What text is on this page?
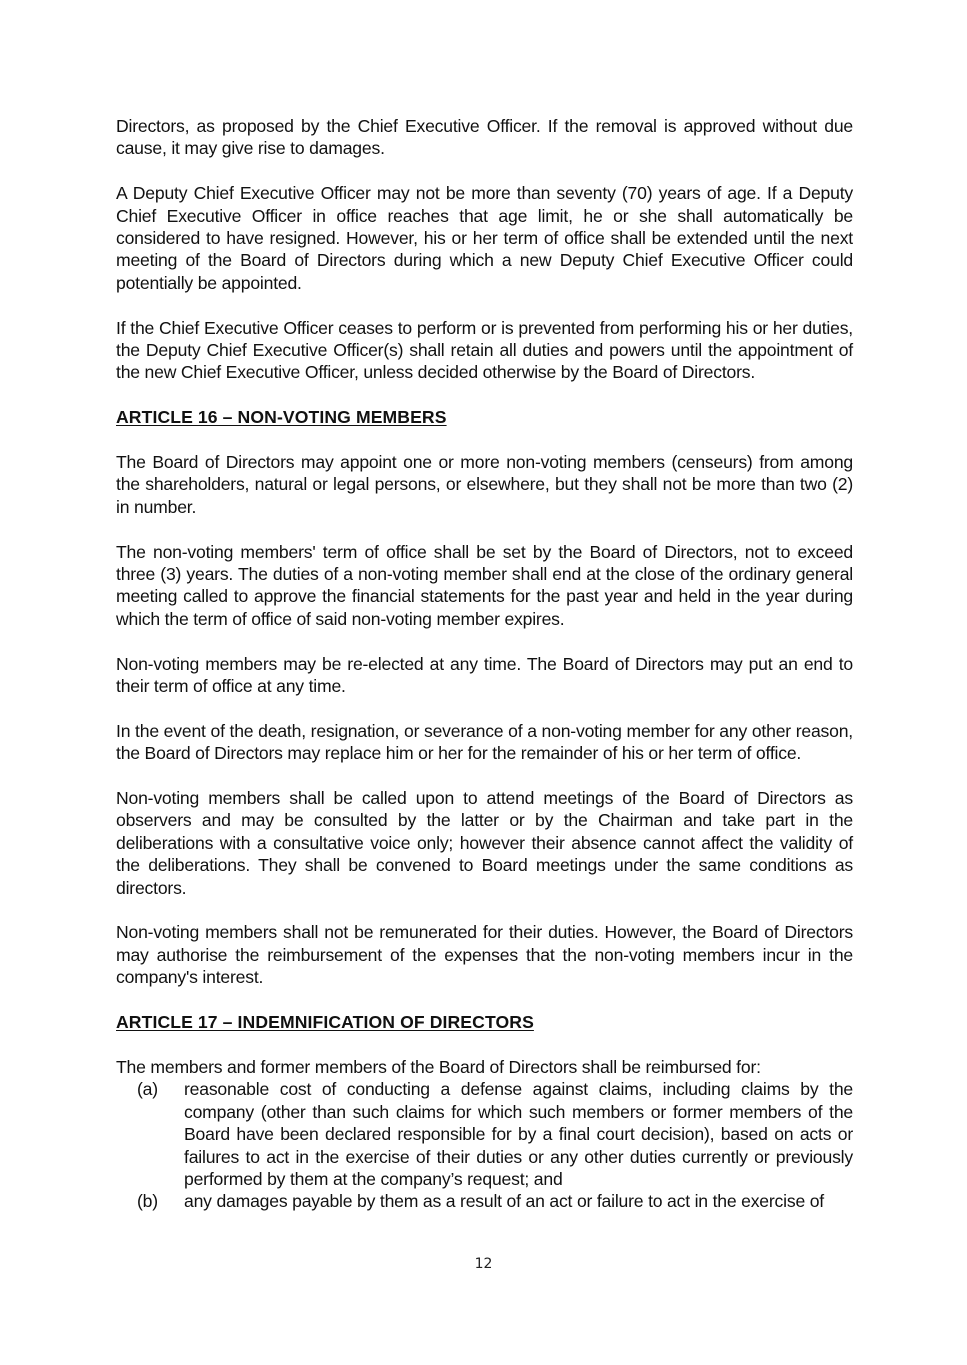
Directors, as proposed by the Chief Executive Officer. If the removal is approved without due cause, it may give rise to damages.

A Deputy Chief Executive Officer may not be more than seventy (70) years of age. If a Deputy Chief Executive Officer in office reaches that age limit, he or she shall automatically be considered to have resigned. However, his or her term of office shall be extended until the next meeting of the Board of Directors during which a new Deputy Chief Executive Officer could potentially be appointed.

If the Chief Executive Officer ceases to perform or is prevented from performing his or her duties, the Deputy Chief Executive Officer(s) shall retain all duties and powers until the appointment of the new Chief Executive Officer, unless decided otherwise by the Board of Directors.

ARTICLE 16 – NON-VOTING MEMBERS

The Board of Directors may appoint one or more non-voting members (censeurs) from among the shareholders, natural or legal persons, or elsewhere, but they shall not be more than two (2) in number.

The non-voting members' term of office shall be set by the Board of Directors, not to exceed three (3) years. The duties of a non-voting member shall end at the close of the ordinary general meeting called to approve the financial statements for the past year and held in the year during which the term of office of said non-voting member expires.

Non-voting members may be re-elected at any time. The Board of Directors may put an end to their term of office at any time.

In the event of the death, resignation, or severance of a non-voting member for any other reason, the Board of Directors may replace him or her for the remainder of his or her term of office.

Non-voting members shall be called upon to attend meetings of the Board of Directors as observers and may be consulted by the latter or by the Chairman and take part in the deliberations with a consultative voice only; however their absence cannot affect the validity of the deliberations. They shall be convened to Board meetings under the same conditions as directors.

Non-voting members shall not be remunerated for their duties. However, the Board of Directors may authorise the reimbursement of the expenses that the non-voting members incur in the company's interest.

ARTICLE 17 – INDEMNIFICATION OF DIRECTORS

The members and former members of the Board of Directors shall be reimbursed for:

(a)	reasonable cost of conducting a defense against claims, including claims by the company (other than such claims for which such members or former members of the Board have been declared responsible for by a final court decision), based on acts or failures to act in the exercise of their duties or any other duties currently or previously performed by them at the company’s request; and
(b)	any damages payable by them as a result of an act or failure to act in the exercise of
12
